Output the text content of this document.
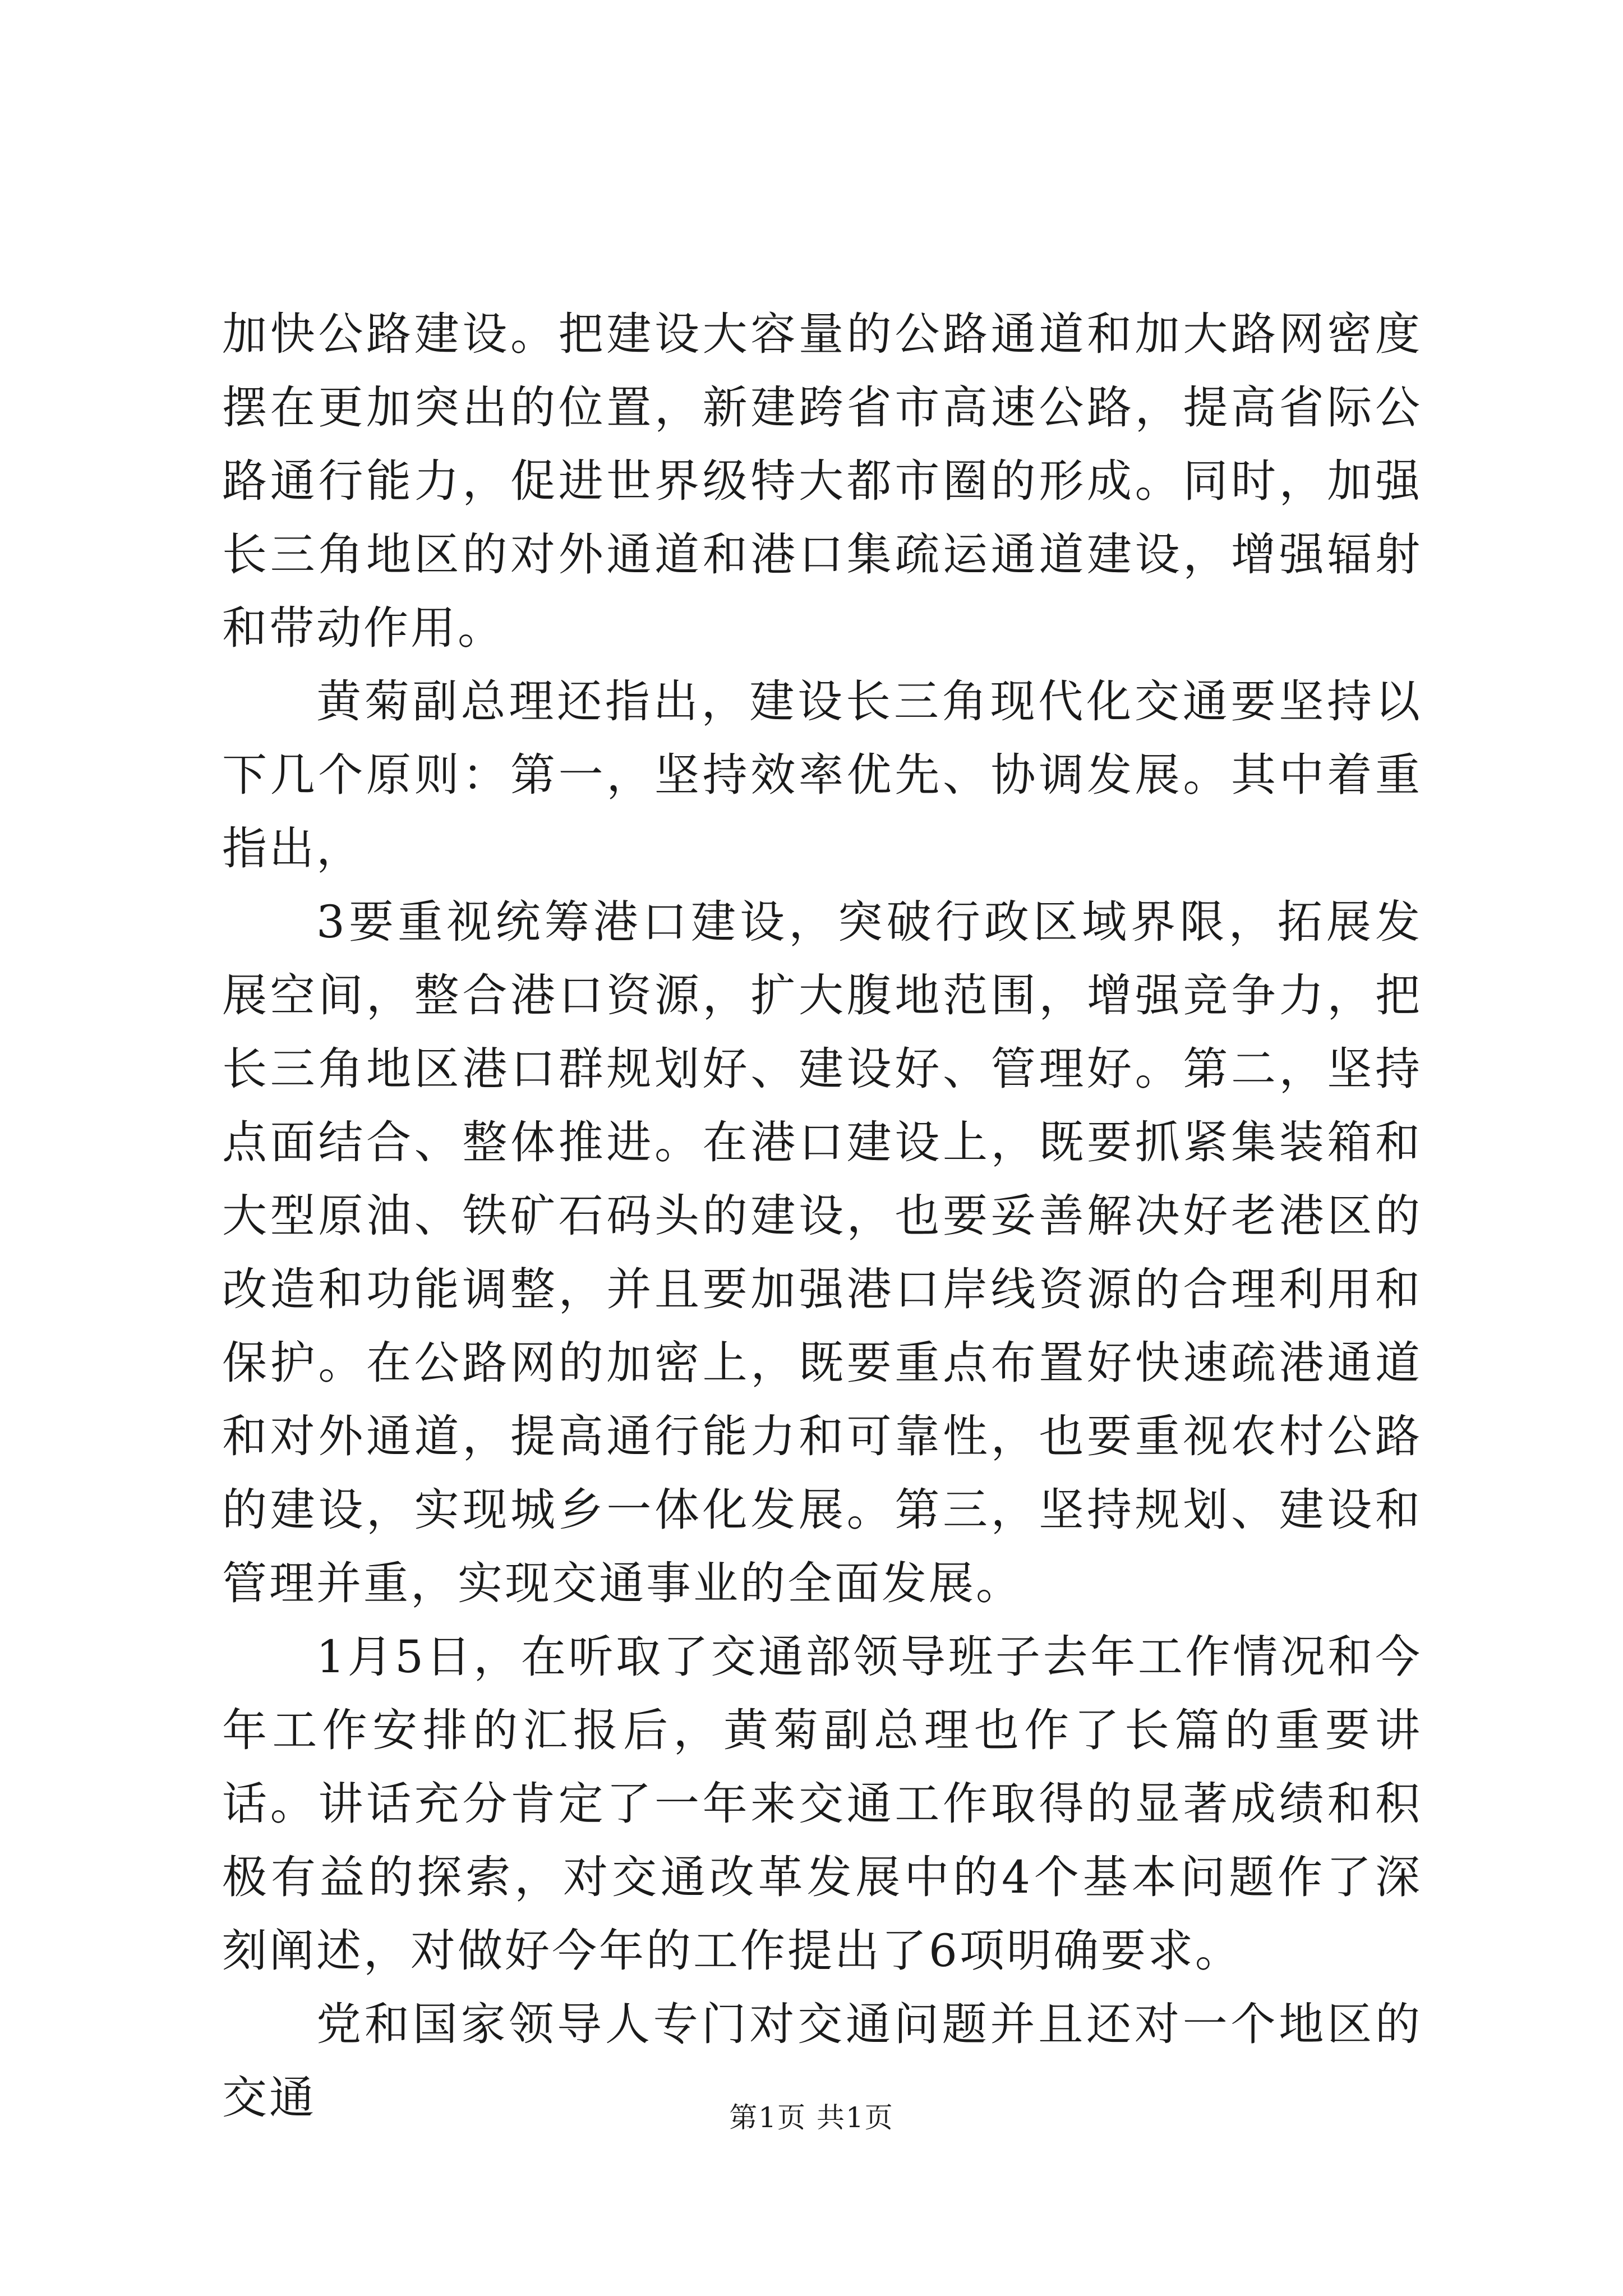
加快公路建设。把建设大容量的公路通道和加大路网密度摆在更加突出的位置，新建跨省市高速公路，提高省际公路通行能力，促进世界级特大都市圈的形成。同时，加强长三角地区的对外通道和港口集疏运通道建设，增强辐射和带动作用。

黄菊副总理还指出，建设长三角现代化交通要坚持以下几个原则：第一，坚持效率优先、协调发展。其中着重指出，

3要重视统筹港口建设，突破行政区域界限，拓展发展空间，整合港口资源，扩大腹地范围，增强竞争力，把长三角地区港口群规划好、建设好、管理好。第二，坚持点面结合、整体推进。在港口建设上，既要抓紧集装箱和大型原油、铁矿石码头的建设，也要妥善解决好老港区的改造和功能调整，并且要加强港口岸线资源的合理利用和保护。在公路网的加密上，既要重点布置好快速疏港通道和对外通道，提高通行能力和可靠性，也要重视农村公路的建设，实现城乡一体化发展。第三，坚持规划、建设和管理并重，实现交通事业的全面发展。

1月5日，在听取了交通部领导班子去年工作情况和今年工作安排的汇报后，黄菊副总理也作了长篇的重要讲话。讲话充分肯定了一年来交通工作取得的显著成绩和积极有益的探索，对交通改革发展中的4个基本问题作了深刻阐述，对做好今年的工作提出了6项明确要求。

党和国家领导人专门对交通问题并且还对一个地区的交通	第1页 共1页
